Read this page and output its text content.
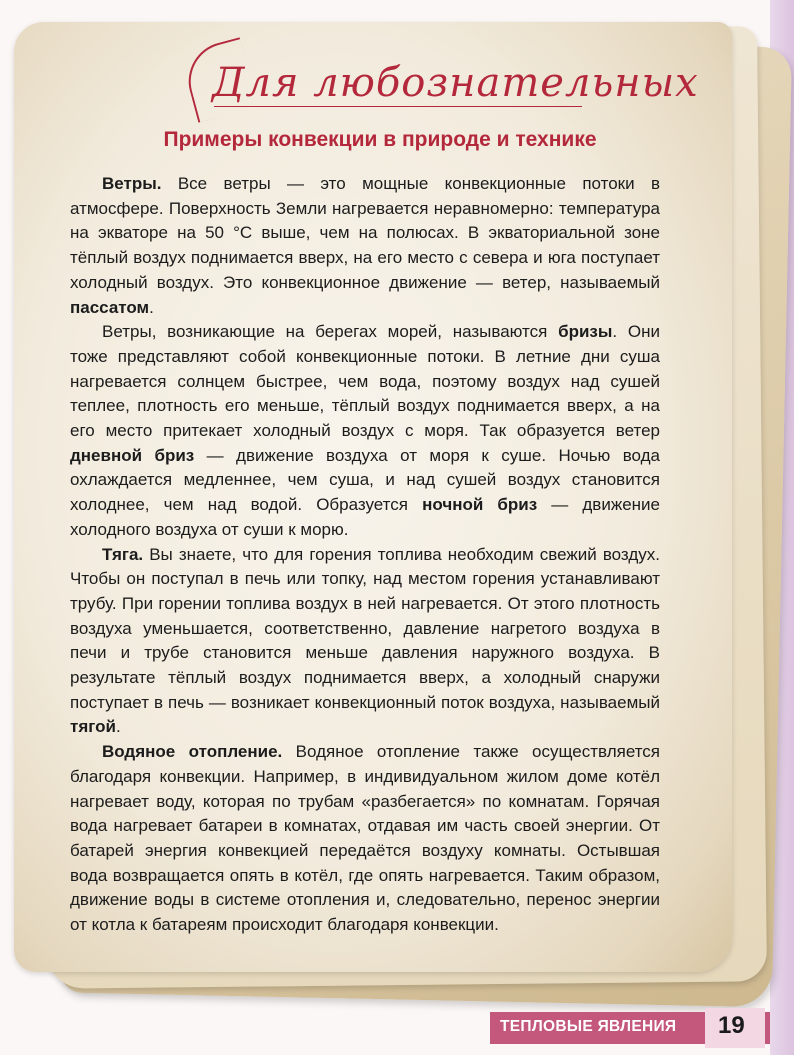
Для любознательных
Примеры конвекции в природе и технике

Ветры. Все ветры — это мощные конвекционные потоки в атмосфере. Поверхность Земли нагревается неравномерно: температура на экваторе на 50 °C выше, чем на полюсах. В экваториальной зоне тёплый воздух поднимается вверх, на его место с севера и юга поступает холодный воздух. Это конвекционное движение — ветер, называемый пассатом.

Ветры, возникающие на берегах морей, называются бризы. Они тоже представляют собой конвекционные потоки. В летние дни суша нагревается солнцем быстрее, чем вода, поэтому воздух над сушей теплее, плотность его меньше, тёплый воздух поднимается вверх, а на его место притекает холодный воздух с моря. Так образуется ветер дневной бриз — движение воздуха от моря к суше. Ночью вода охлаждается медленнее, чем суша, и над сушей воздух становится холоднее, чем над водой. Образуется ночной бриз — движение холодного воздуха от суши к морю.

Тяга. Вы знаете, что для горения топлива необходим свежий воздух. Чтобы он поступал в печь или топку, над местом горения устанавливают трубу. При горении топлива воздух в ней нагревается. От этого плотность воздуха уменьшается, соответственно, давление нагретого воздуха в печи и трубе становится меньше давления наружного воздуха. В результате тёплый воздух поднимается вверх, а холодный снаружи поступает в печь — возникает конвекционный поток воздуха, называемый тягой.

Водяное отопление. Водяное отопление также осуществляется благодаря конвекции. Например, в индивидуальном жилом доме котёл нагревает воду, которая по трубам «разбегается» по комнатам. Горячая вода нагревает батареи в комнатах, отдавая им часть своей энергии. От батарей энергия конвекцией передаётся воздуху комнаты. Остывшая вода возвращается опять в котёл, где опять нагревается. Таким образом, движение воды в системе отопления и, следовательно, перенос энергии от котла к батареям происходит благодаря конвекции.

ТЕПЛОВЫЕ ЯВЛЕНИЯ	19
